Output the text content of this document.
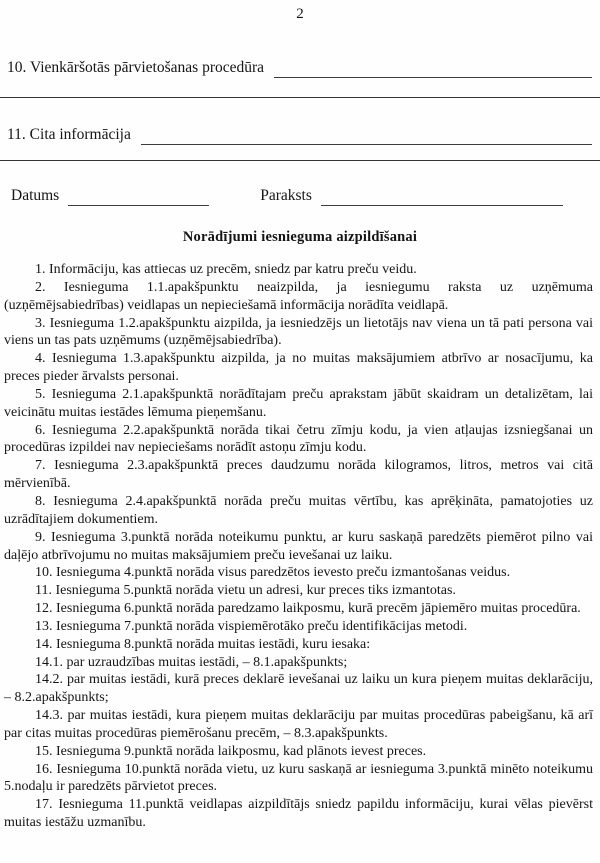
2
10. Vienkāršotās pārvietošanas procedūra
11. Cita informācija
Datums	Paraksts
Norādījumi iesnieguma aizpildīšanai

1. Informāciju, kas attiecas uz precēm, sniedz par katru preču veidu.

2. Iesnieguma 1.1.apakšpunktu neaizpilda, ja iesniegumu raksta uz uzņēmuma (uzņēmējsabiedrības) veidlapas un nepieciešamā informācija norādīta veidlapā.

3. Iesnieguma 1.2.apakšpunktu aizpilda, ja iesniedzējs un lietotājs nav viena un tā pati persona vai viens un tas pats uzņēmums (uzņēmējsabiedrība).

4. Iesnieguma 1.3.apakšpunktu aizpilda, ja no muitas maksājumiem atbrīvo ar nosacījumu, ka preces pieder ārvalsts personai.

5. Iesnieguma 2.1.apakšpunktā norādītajam preču aprakstam jābūt skaidram un detalizētam, lai veicinātu muitas iestādes lēmuma pieņemšanu.

6. Iesnieguma 2.2.apakšpunktā norāda tikai četru zīmju kodu, ja vien atļaujas izsniegšanai un procedūras izpildei nav nepieciešams norādīt astoņu zīmju kodu.

7. Iesnieguma 2.3.apakšpunktā preces daudzumu norāda kilogramos, litros, metros vai citā mērvienībā.

8. Iesnieguma 2.4.apakšpunktā norāda preču muitas vērtību, kas aprēķināta, pamatojoties uz uzrādītajiem dokumentiem.

9. Iesnieguma 3.punktā norāda noteikumu punktu, ar kuru saskaņā paredzēts piemērot pilno vai daļējo atbrīvojumu no muitas maksājumiem preču ievešanai uz laiku.

10. Iesnieguma 4.punktā norāda visus paredzētos ievesto preču izmantošanas veidus.

11. Iesnieguma 5.punktā norāda vietu un adresi, kur preces tiks izmantotas.

12. Iesnieguma 6.punktā norāda paredzamo laikposmu, kurā precēm jāpiemēro muitas procedūra.

13. Iesnieguma 7.punktā norāda vispiemērotāko preču identifikācijas metodi.

14. Iesnieguma 8.punktā norāda muitas iestādi, kuru iesaka:

14.1. par uzraudzības muitas iestādi, – 8.1.apakšpunkts;

14.2. par muitas iestādi, kurā preces deklarē ievešanai uz laiku un kura pieņem muitas deklarāciju, – 8.2.apakšpunkts;

14.3. par muitas iestādi, kura pieņem muitas deklarāciju par muitas procedūras pabeigšanu, kā arī par citas muitas procedūras piemērošanu precēm, – 8.3.apakšpunkts.

15. Iesnieguma 9.punktā norāda laikposmu, kad plānots ievest preces.

16. Iesnieguma 10.punktā norāda vietu, uz kuru saskaņā ar iesnieguma 3.punktā minēto noteikumu 5.nodaļu ir paredzēts pārvietot preces.

17. Iesnieguma 11.punktā veidlapas aizpildītājs sniedz papildu informāciju, kurai vēlas pievērst muitas iestāžu uzmanību.
